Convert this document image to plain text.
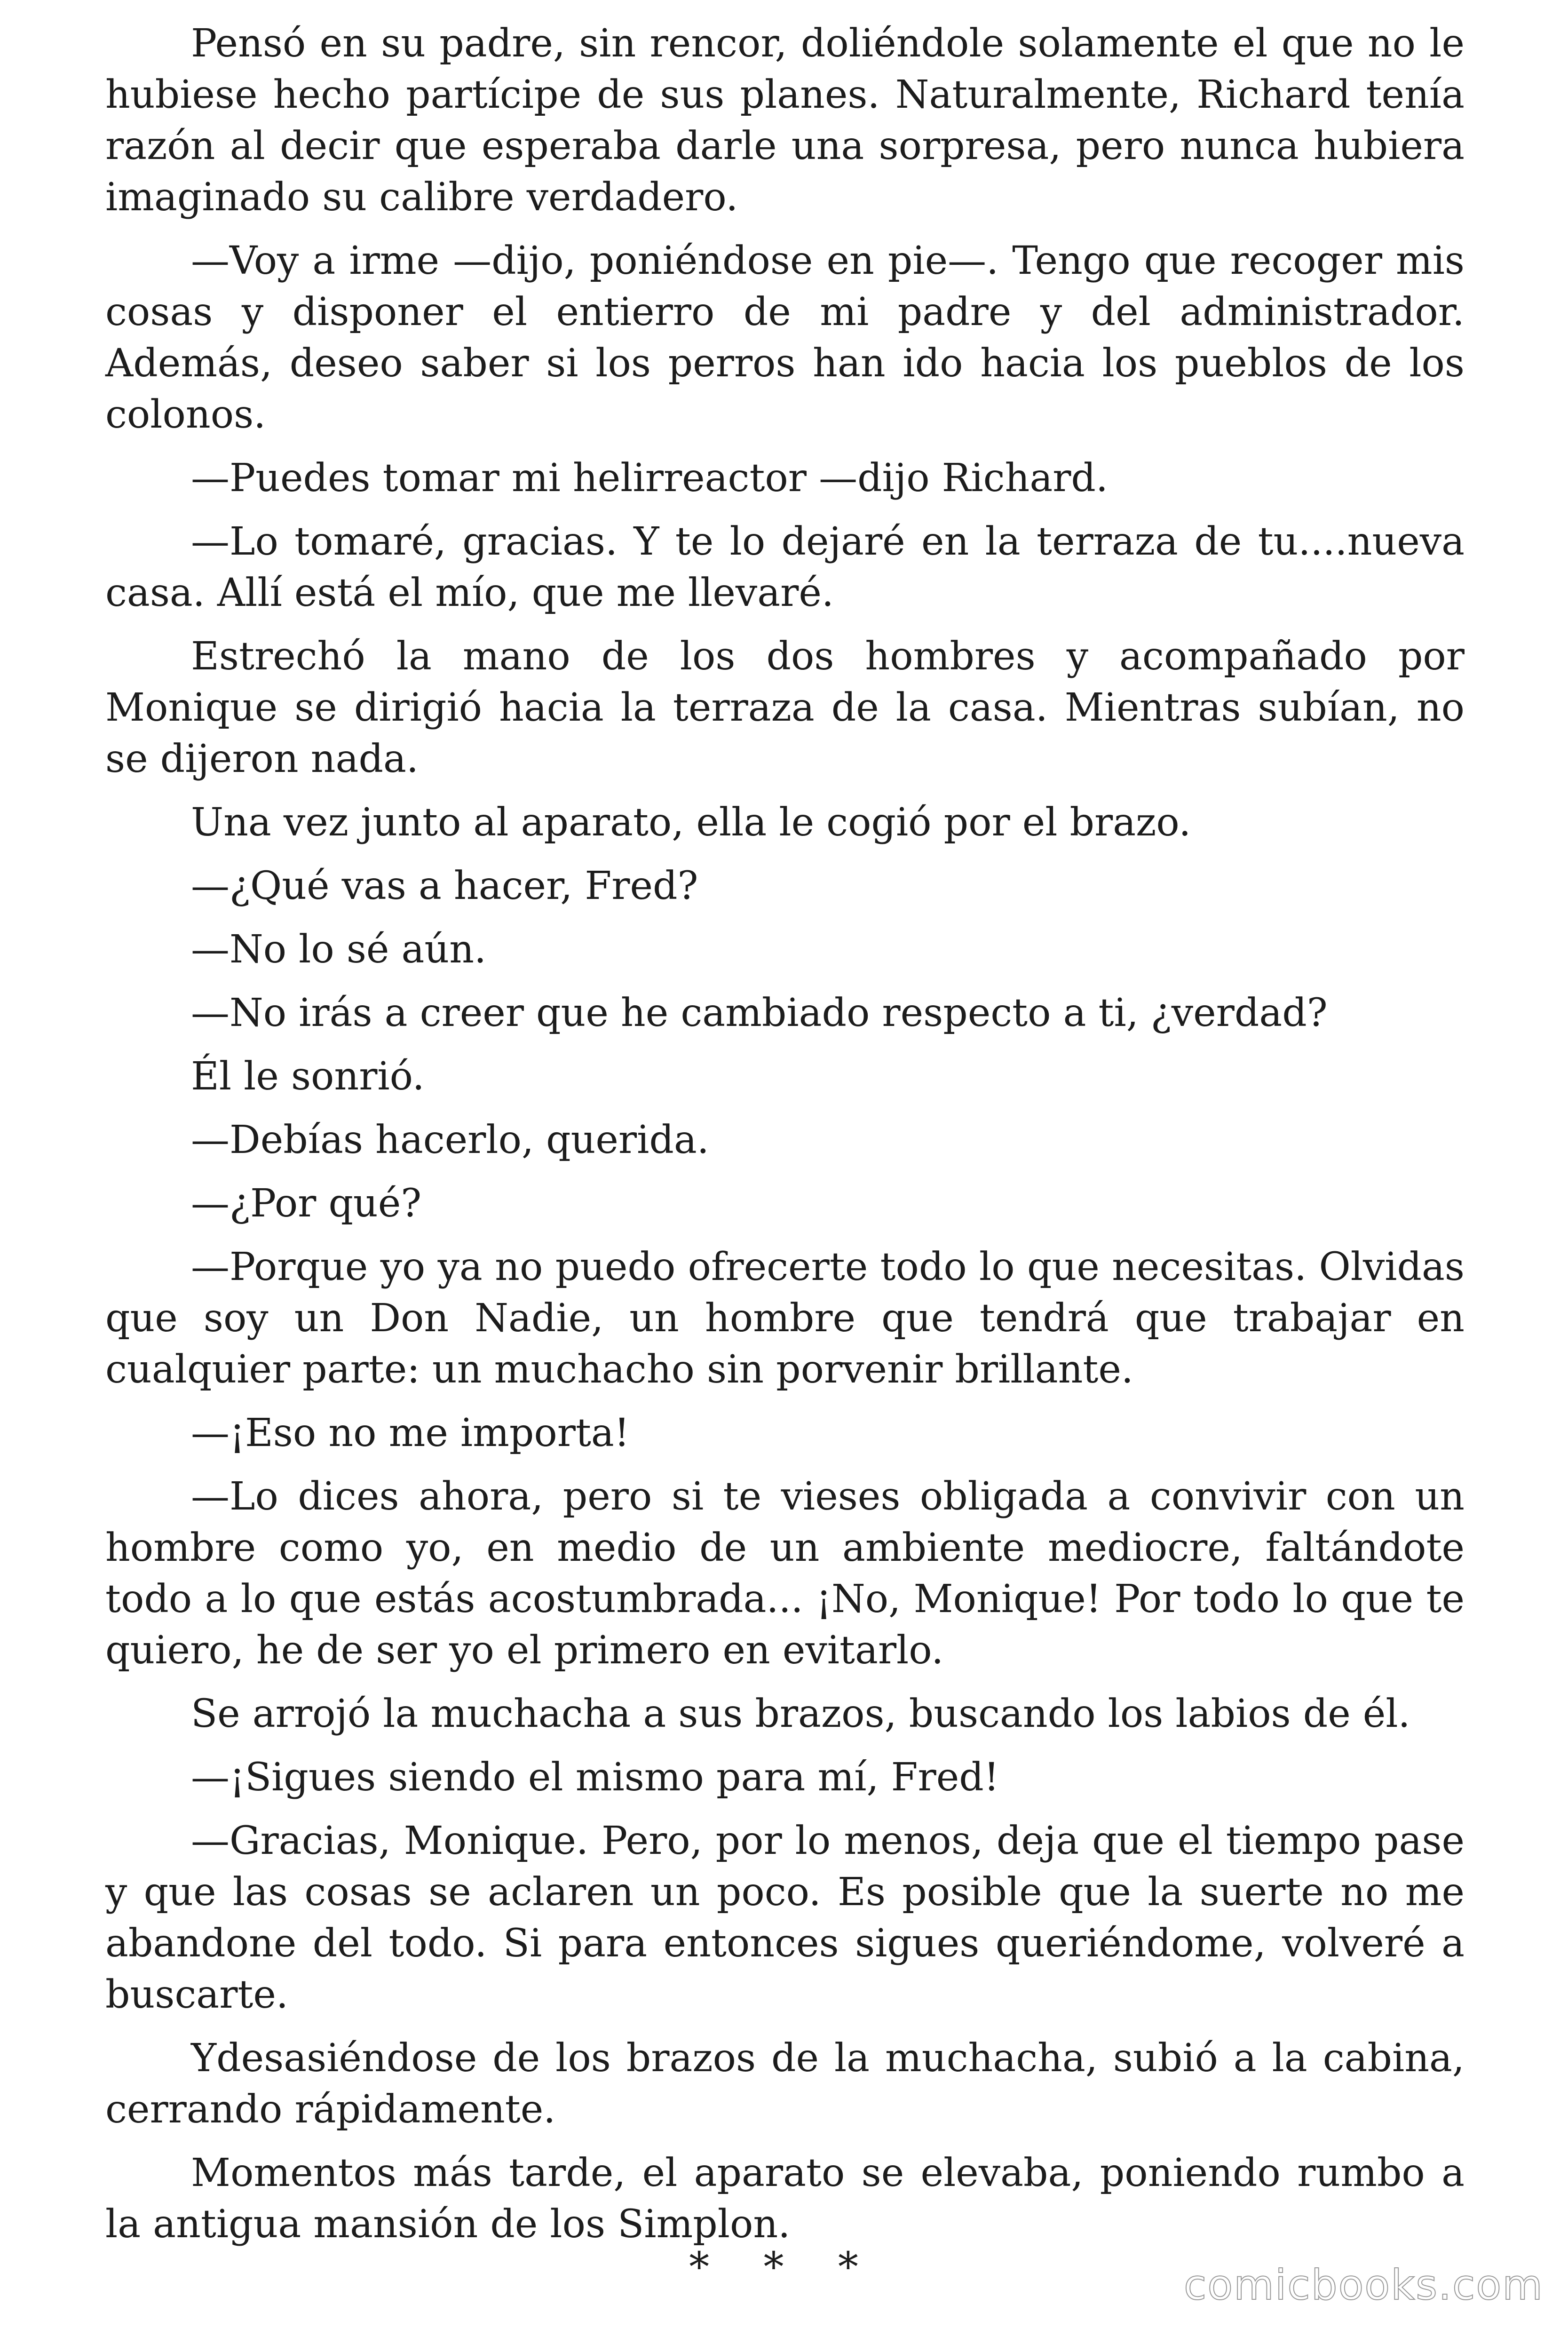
Pensó en su padre, sin rencor, doliéndole solamente el que no le hubiese hecho partícipe de sus planes. Naturalmente, Richard tenía razón al decir que esperaba darle una sorpresa, pero nunca hubiera imaginado su calibre verdadero.

—Voy a irme —dijo, poniéndose en pie—. Tengo que recoger mis cosas y disponer el entierro de mi padre y del administrador. Además, deseo saber si los perros han ido hacia los pueblos de los colonos.

—Puedes tomar mi helirreactor —dijo Richard.

—Lo tomaré, gracias. Y te lo dejaré en la terraza de tu....nueva casa. Allí está el mío, que me llevaré.

Estrechó la mano de los dos hombres y acompañado por Monique se dirigió hacia la terraza de la casa. Mientras subían, no se dijeron nada.

Una vez junto al aparato, ella le cogió por el brazo.

—¿Qué vas a hacer, Fred?

—No lo sé aún.

—No irás a creer que he cambiado respecto a ti, ¿verdad?

Él le sonrió.

—Debías hacerlo, querida.

—¿Por qué?

—Porque yo ya no puedo ofrecerte todo lo que necesitas. Olvidas que soy un Don Nadie, un hombre que tendrá que trabajar en cualquier parte: un muchacho sin porvenir brillante.

—¡Eso no me importa!

—Lo dices ahora, pero si te vieses obligada a convivir con un hombre como yo, en medio de un ambiente mediocre, faltándote todo a lo que estás acostumbrada... ¡No, Monique! Por todo lo que te quiero, he de ser yo el primero en evitarlo.

Se arrojó la muchacha a sus brazos, buscando los labios de él.

—¡Sigues siendo el mismo para mí, Fred!

—Gracias, Monique. Pero, por lo menos, deja que el tiempo pase y que las cosas se aclaren un poco. Es posible que la suerte no me abandone del todo. Si para entonces sigues queriéndome, volveré a buscarte.

Ydesasiéndose de los brazos de la muchacha, subió a la cabina, cerrando rápidamente.

Momentos más tarde, el aparato se elevaba, poniendo rumbo a la antigua mansión de los Simplon.

* * *	comicbooks.com
